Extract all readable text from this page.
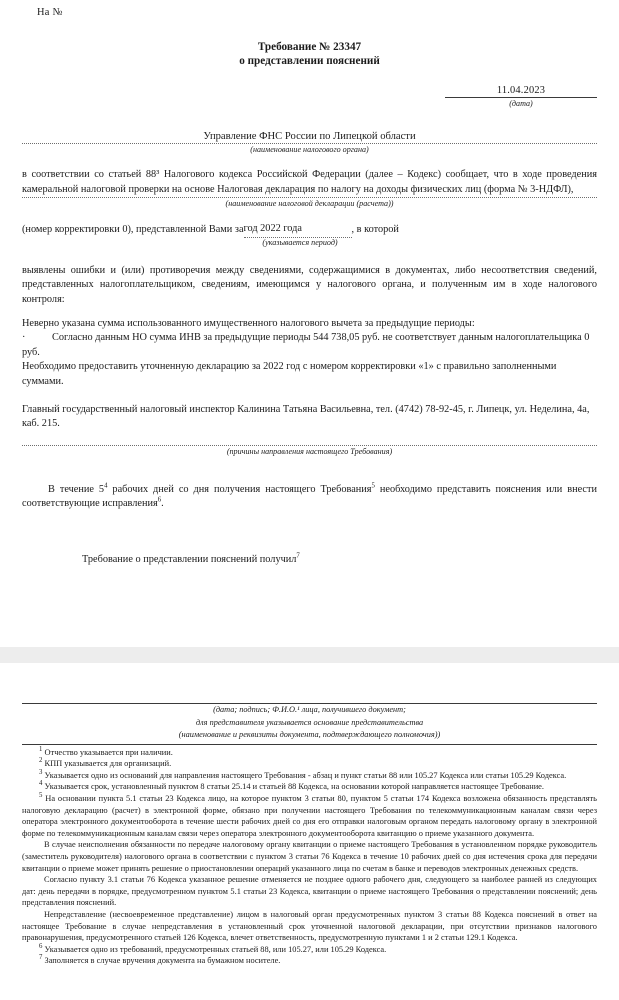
На №
Требование № 23347
о представлении пояснений
11.04.2023
(дата)
Управление ФНС России по Липецкой области
(наименование налогового органа)

в соответствии со статьей 88³ Налогового кодекса Российской Федерации (далее – Кодекс) сообщает, что в ходе проведения камеральной налоговой проверки на основе Налоговая декларация по налогу на доходы физических лиц (форма № 3-НДФЛ),

(наименование налоговой декларации (расчета))
(номер корректировки 0), представленной Вами за год 2022 года	, в которой
(указывается период)

выявлены ошибки и (или) противоречия между сведениями, содержащимися в документах, либо несоответствия сведений, представленных налогоплательщиком, сведениям, имеющимся у налогового органа, и полученным им в ходе налогового контроля:

Неверно указана сумма использованного имущественного налогового вычета за предыдущие периоды:

·	Согласно данным НО сумма ИНВ за предыдущие периоды 544 738,05 руб. не соответствует данным налогоплательщика 0 руб.

Необходимо предоставить уточненную декларацию за 2022 год с номером корректировки «1» с правильно заполненными суммами.

Главный государственный налоговый инспектор Калинина Татьяна Васильевна, тел. (4742) 78-92-45, г. Липецк, ул. Неделина, 4а, каб. 215.

(причины направления настоящего Требования)

В течение $5^4$ рабочих дней со дня получения настоящего Требования$^5$ необходимо представить пояснения или внести соответствующие исправления$^6$.

Требование о представлении пояснений получил$^7$

(дата; подпись; Ф.И.О.¹ лица, получившего документ;
для представителя указывается основание представительства
(наименование и реквизиты документа, подтверждающего полномочия))

$^1$ Отчество указывается при наличии.

$^2$ КПП указывается для организаций.

$^3$ Указывается одно из оснований для направления настоящего Требования - абзац и пункт статьи 88 или 105.27 Кодекса или статьи 105.29 Кодекса.

$^4$ Указывается срок, установленный пунктом 8 статьи 25.14 и статьей 88 Кодекса, на основании которой направляется настоящее Требование.

$^5$ На основании пункта 5.1 статьи 23 Кодекса лицо, на которое пунктом 3 статьи 80, пунктом 5 статьи 174 Кодекса возложена обязанность представлять налоговую декларацию (расчет) в электронной форме, обязано при получении настоящего Требования по телекоммуникационным каналам связи через оператора электронного документооборота в течение шести рабочих дней со дня его отправки налоговым органом передать налоговому органу в электронной форме по телекоммуникационным каналам связи через оператора электронного документооборота квитанцию о приеме указанного документа.

В случае неисполнения обязанности по передаче налоговому органу квитанции о приеме настоящего Требования в установленном порядке руководитель (заместитель руководителя) налогового органа в соответствии с пунктом 3 статьи 76 Кодекса в течение 10 рабочих дней со дня истечения срока для передачи квитанции о приеме может принять решение о приостановлении операций указанного лица по счетам в банке и переводов электронных денежных средств.

Согласно пункту 3.1 статьи 76 Кодекса указанное решение отменяется не позднее одного рабочего дня, следующего за наиболее ранней из следующих дат: день передачи в порядке, предусмотренном пунктом 5.1 статьи 23 Кодекса, квитанции о приеме настоящего Требования о представлении пояснений; день представления пояснений.

Непредставление (несвоевременное представление) лицом в налоговый орган предусмотренных пунктом 3 статьи 88 Кодекса пояснений в ответ на настоящее Требование в случае непредставления в установленный срок уточненной налоговой декларации, при отсутствии признаков налогового правонарушения, предусмотренного статьей 126 Кодекса, влечет ответственность, предусмотренную пунктами 1 и 2 статьи 129.1 Кодекса.

$^6$ Указывается одно из требований, предусмотренных статьей 88, или 105.27, или 105.29 Кодекса.

$^7$ Заполняется в случае вручения документа на бумажном носителе.
